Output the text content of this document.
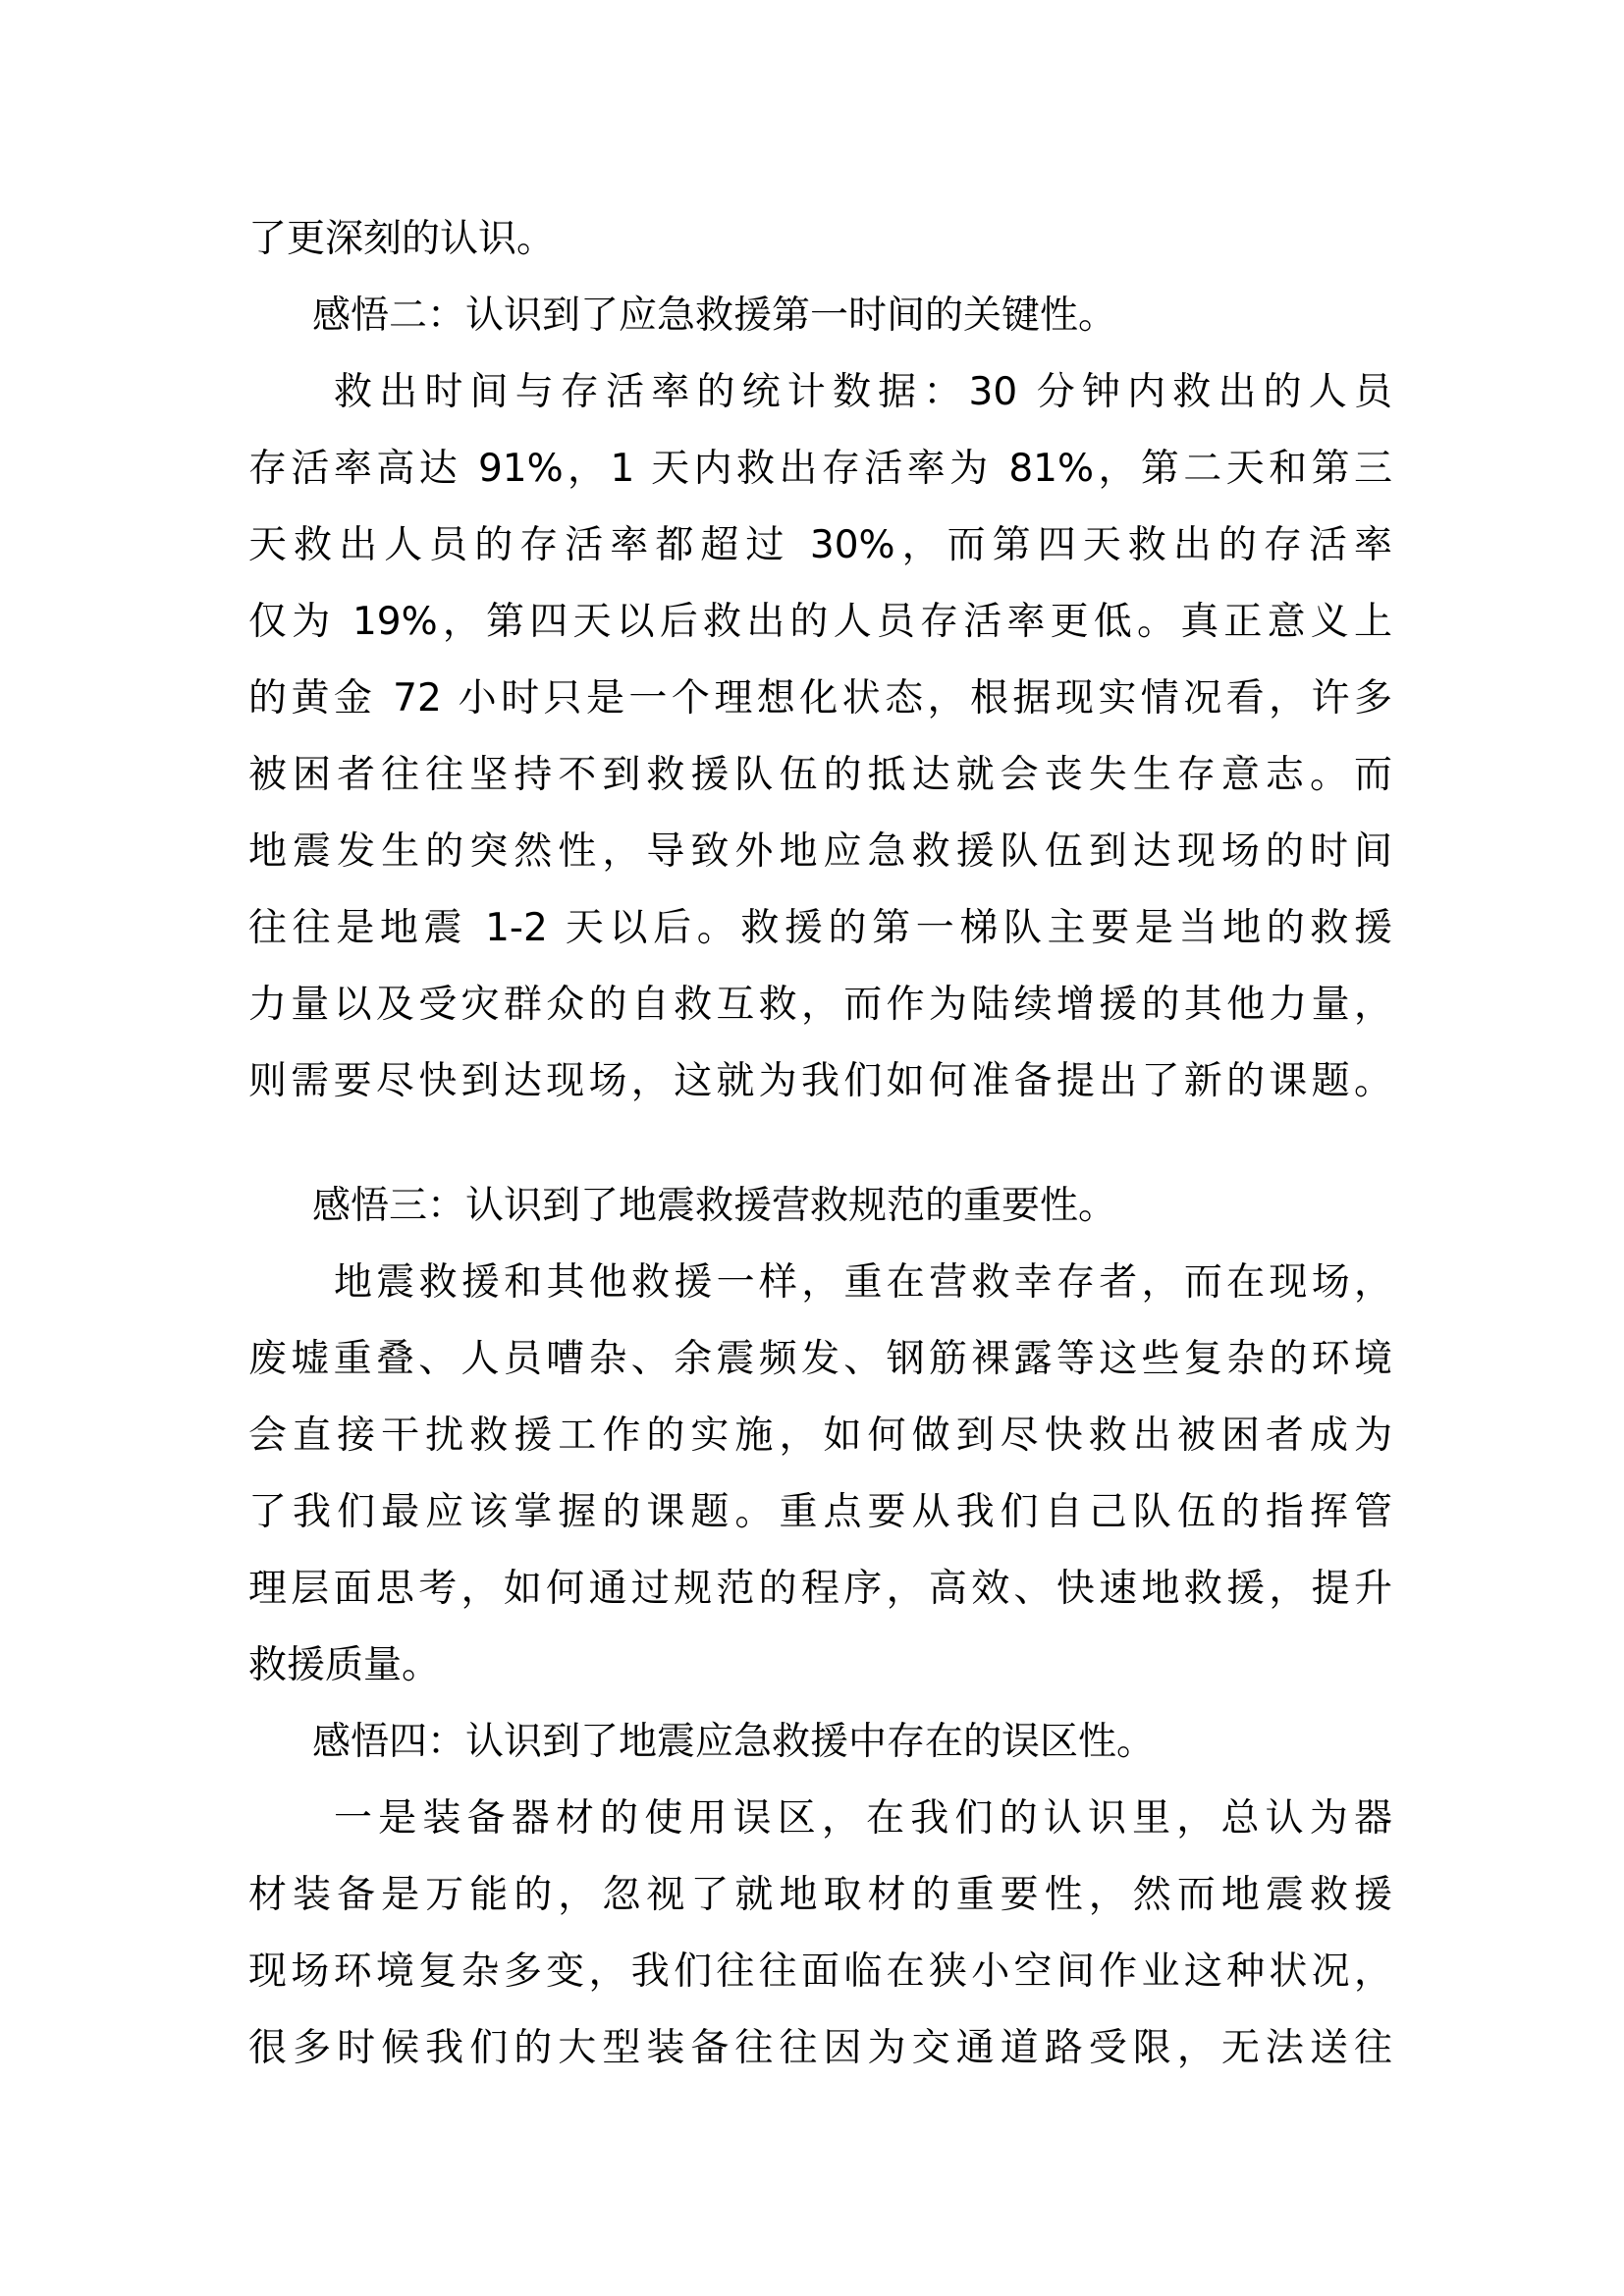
了更深刻的认识。
感悟二：认识到了应急救援第一时间的关键性。
救出时间与存活率的统计数据：30 分钟内救出的人员
存活率高达 91%，1 天内救出存活率为 81%，第二天和第三
天救出人员的存活率都超过 30%，而第四天救出的存活率
仅为 19%，第四天以后救出的人员存活率更低。真正意义上
的黄金 72 小时只是一个理想化状态，根据现实情况看，许多
被困者往往坚持不到救援队伍的抵达就会丧失生存意志。而
地震发生的突然性，导致外地应急救援队伍到达现场的时间
往往是地震 1-2 天以后。救援的第一梯队主要是当地的救援
力量以及受灾群众的自救互救，而作为陆续增援的其他力量，
则需要尽快到达现场，这就为我们如何准备提出了新的课题。
感悟三：认识到了地震救援营救规范的重要性。
地震救援和其他救援一样，重在营救幸存者，而在现场，
废墟重叠、人员嘈杂、余震频发、钢筋裸露等这些复杂的环境
会直接干扰救援工作的实施，如何做到尽快救出被困者成为
了我们最应该掌握的课题。重点要从我们自己队伍的指挥管
理层面思考，如何通过规范的程序，高效、快速地救援，提升
救援质量。
感悟四：认识到了地震应急救援中存在的误区性。
一是装备器材的使用误区，在我们的认识里，总认为器
材装备是万能的，忽视了就地取材的重要性，然而地震救援
现场环境复杂多变，我们往往面临在狭小空间作业这种状况，
很多时候我们的大型装备往往因为交通道路受限，无法送往
